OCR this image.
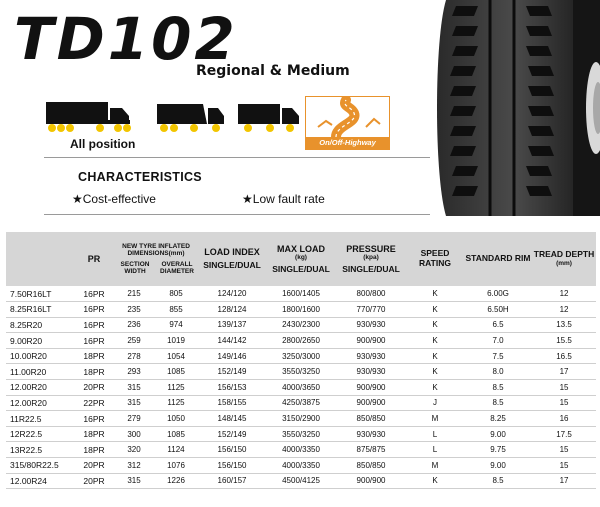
TD102
Regional & Medium
All position	On/Off-Highway
CHARACTERISTICS
★Cost-effective	★Low fault rate

	PR	NEW TYRE INFLATED DIMENSIONS(mm)
SECTION WIDTH
OVERALL DIAMETER		LOAD INDEX
SINGLE/DUAL	MAX LOAD
(kg)
SINGLE/DUAL	PRESSURE
(kpa)
SINGLE/DUAL	SPEED RATING	STANDARD RIM	TREAD DEPTH
(mm)

7.50R16LT	16PR	215	805	124/120	1600/1405	800/800	K	6.00G	12
8.25R16LT	16PR	235	855	128/124	1800/1600	770/770	K	6.50H	12
8.25R20	16PR	236	974	139/137	2430/2300	930/930	K	6.5	13.5
9.00R20	16PR	259	1019	144/142	2800/2650	900/900	K	7.0	15.5
10.00R20	18PR	278	1054	149/146	3250/3000	930/930	K	7.5	16.5
11.00R20	18PR	293	1085	152/149	3550/3250	930/930	K	8.0	17
12.00R20	20PR	315	1125	156/153	4000/3650	900/900	K	8.5	15
12.00R20	22PR	315	1125	158/155	4250/3875	900/900	J	8.5	15
11R22.5	16PR	279	1050	148/145	3150/2900	850/850	M	8.25	16
12R22.5	18PR	300	1085	152/149	3550/3250	930/930	L	9.00	17.5
13R22.5	18PR	320	1124	156/150	4000/3350	875/875	L	9.75	15
315/80R22.5	20PR	312	1076	156/150	4000/3350	850/850	M	9.00	15
12.00R24	20PR	315	1226	160/157	4500/4125	900/900	K	8.5	17
